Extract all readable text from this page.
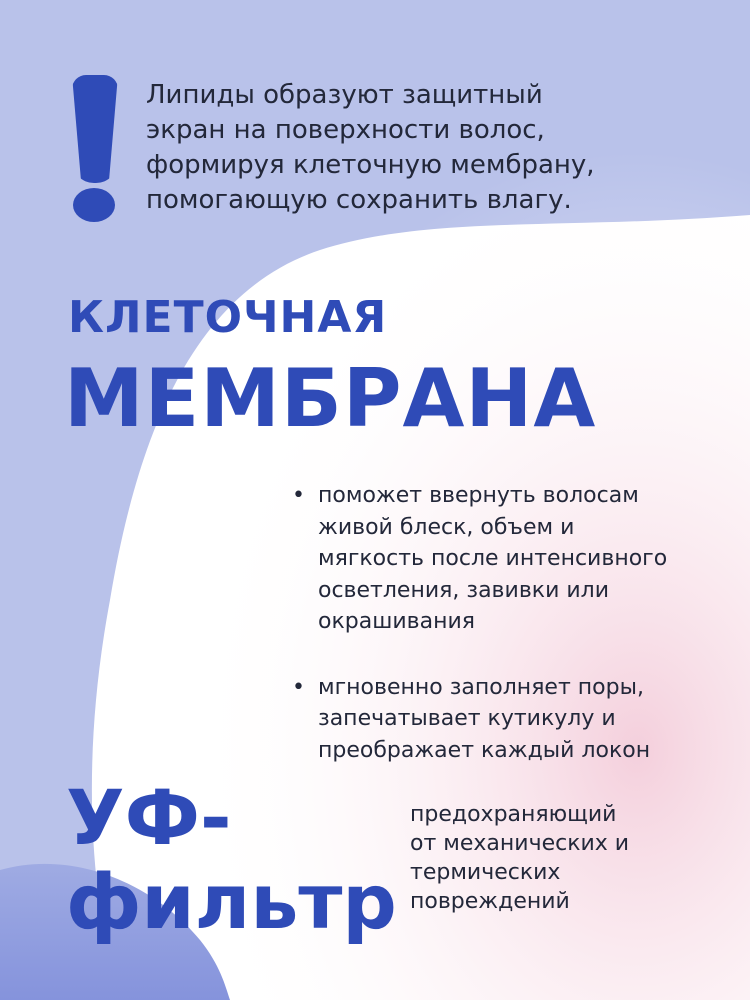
Липиды образуют защитный
экран на поверхности волос,
формируя клеточную мембрану,
помогающую сохранить влагу.
КЛЕТОЧНАЯ
МЕМБРАНА
• поможет ввернуть волосам
живой блеск, объем и
мягкость после интенсивного
осветления, завивки или
окрашивания
• мгновенно заполняет поры,
запечатывает кутикулу и
преображает каждый локон
УФ-
фильтр
предохраняющий
от механических и
термических
повреждений
